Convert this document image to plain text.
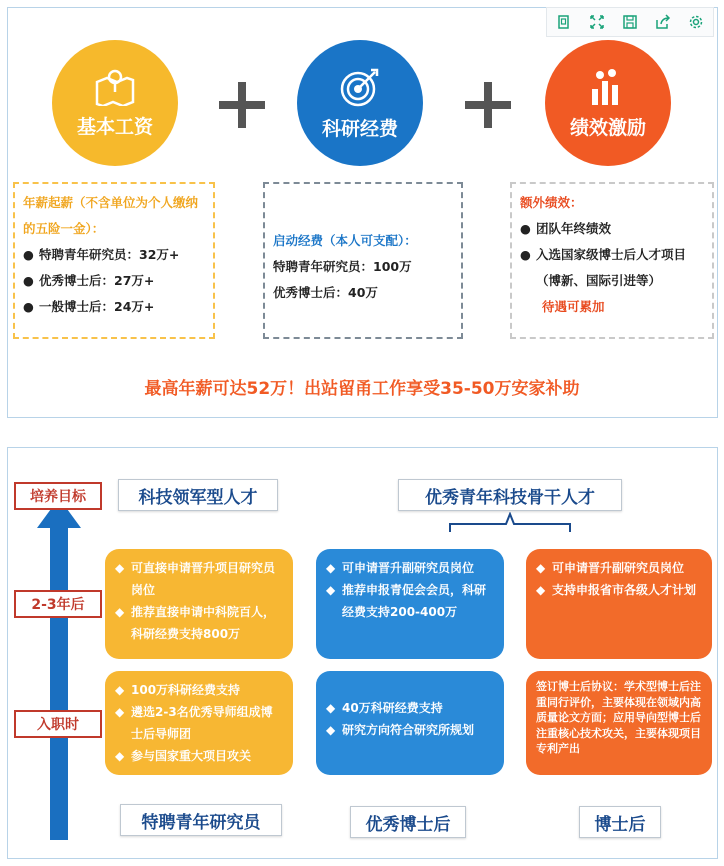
基本工资	科研经费	绩效激励
年薪起薪（不含单位为个人缴纳的五险一金）：
● 特聘青年研究员：32万+
● 优秀博士后：27万+
● 一般博士后：24万+
启动经费（本人可支配）：
特聘青年研究员：100万
优秀博士后：40万
额外绩效：
● 团队年终绩效
● 入选国家级博士后人才项目（博新、国际引进等）
待遇可累加
最高年薪可达52万！出站留甬工作享受35-50万安家补助
培养目标
2-3年后
入职时
科技领军型人才	优秀青年科技骨干人才
◆ 可直接申请晋升项目研究员岗位
◆ 推荐直接申请中科院百人，科研经费支持800万
◆ 100万科研经费支持
◆ 遴选2-3名优秀导师组成博士后导师团
◆ 参与国家重大项目攻关
特聘青年研究员
◆ 可申请晋升副研究员岗位
◆ 推荐申报青促会会员，科研经费支持200-400万
◆ 40万科研经费支持
◆ 研究方向符合研究所规划
优秀博士后
◆ 可申请晋升副研究员岗位
◆ 支持申报省市各级人才计划
签订博士后协议：学术型博士后注重同行评价，主要体现在领域内高质量论文方面；应用导向型博士后注重核心技术攻关，主要体现项目专利产出
博士后
